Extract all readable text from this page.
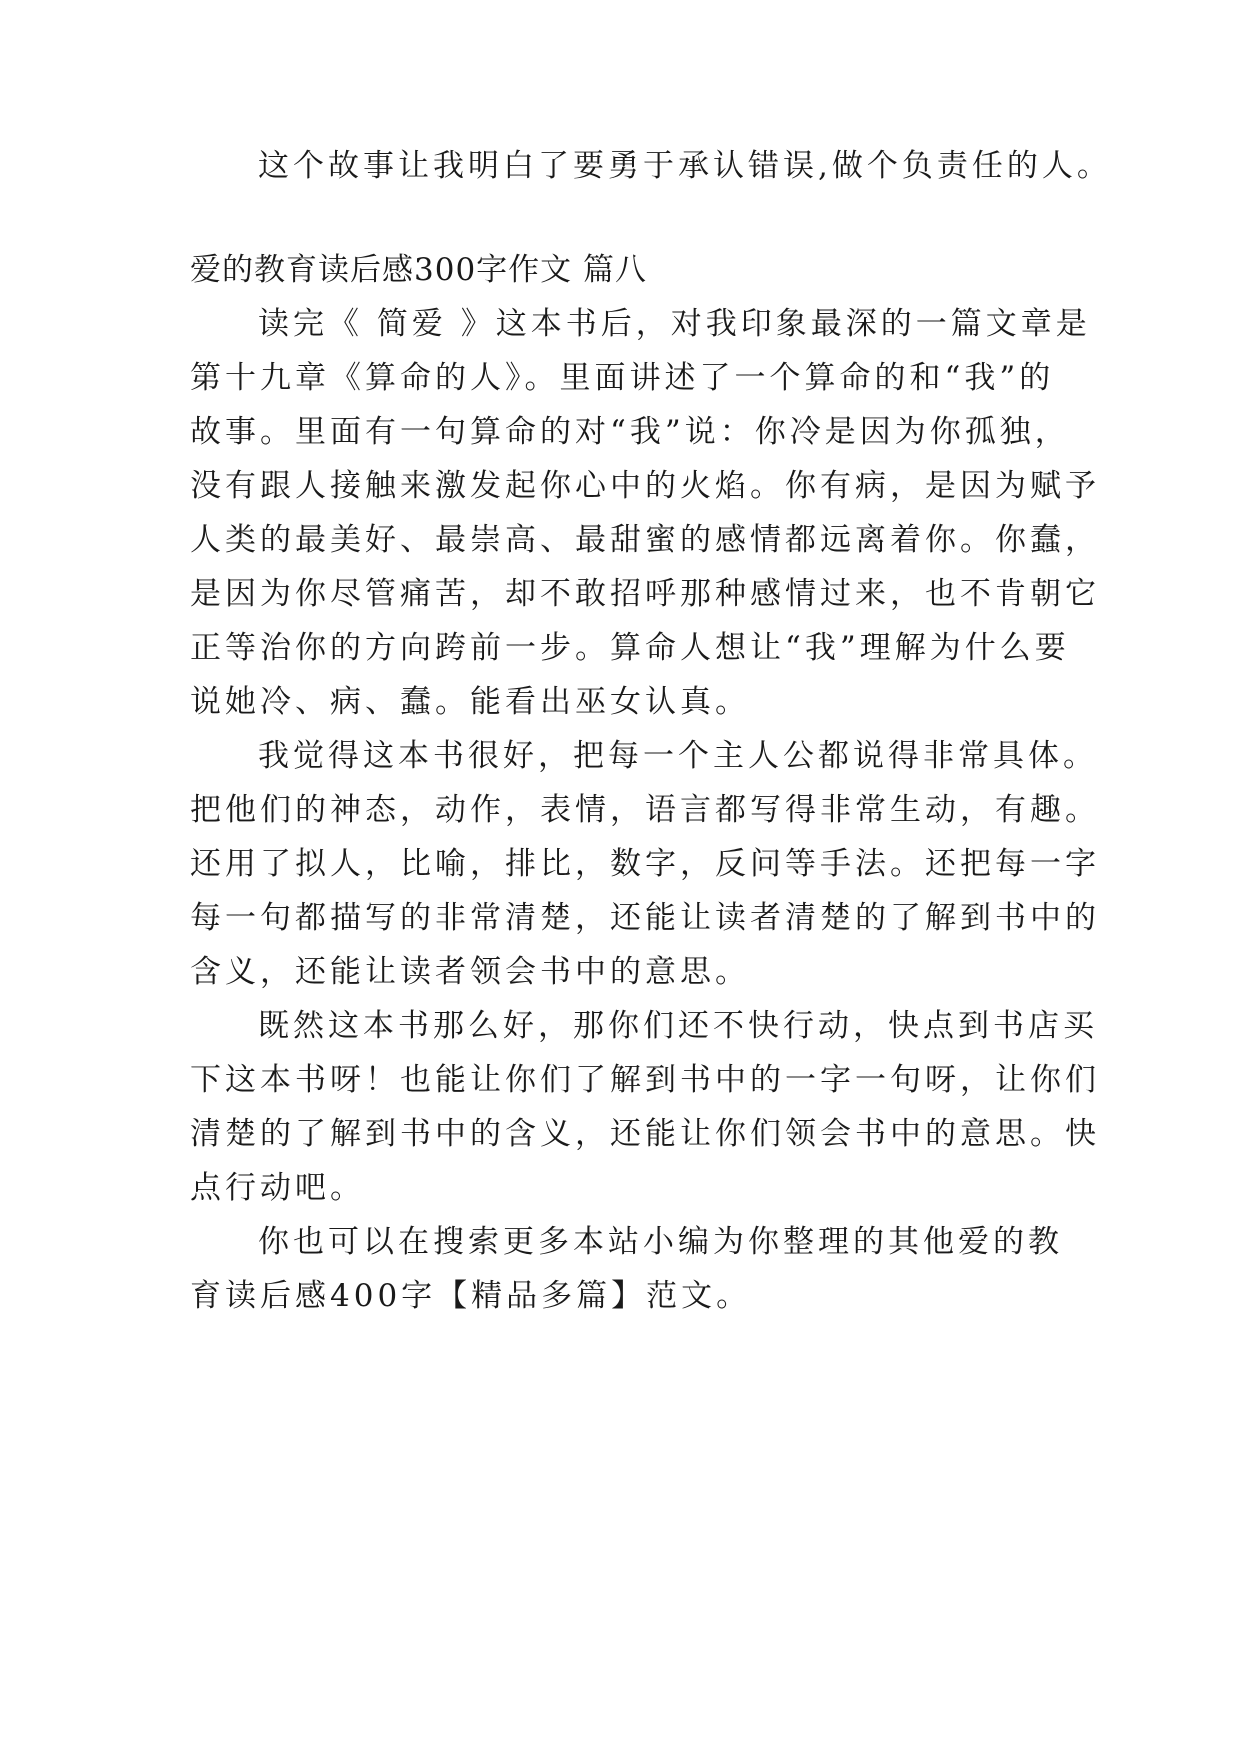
这个故事让我明白了要勇于承认错误,做个负责任的人。
爱的教育读后感300字作文 篇八
读完《 简爱 》这本书后，对我印象最深的一篇文章是
第十九章《算命的人》。里面讲述了一个算命的和“我”的
故事。里面有一句算命的对“我”说：你冷是因为你孤独，
没有跟人接触来激发起你心中的火焰。你有病，是因为赋予
人类的最美好、最崇高、最甜蜜的感情都远离着你。你蠢，
是因为你尽管痛苦，却不敢招呼那种感情过来，也不肯朝它
正等治你的方向跨前一步。算命人想让“我”理解为什么要
说她冷、病、蠢。能看出巫女认真。
我觉得这本书很好，把每一个主人公都说得非常具体。
把他们的神态，动作，表情，语言都写得非常生动，有趣。
还用了拟人，比喻，排比，数字，反问等手法。还把每一字
每一句都描写的非常清楚，还能让读者清楚的了解到书中的
含义，还能让读者领会书中的意思。
既然这本书那么好，那你们还不快行动，快点到书店买
下这本书呀！也能让你们了解到书中的一字一句呀，让你们
清楚的了解到书中的含义，还能让你们领会书中的意思。快
点行动吧。
你也可以在搜索更多本站小编为你整理的其他爱的教
育读后感400字【精品多篇】范文。
